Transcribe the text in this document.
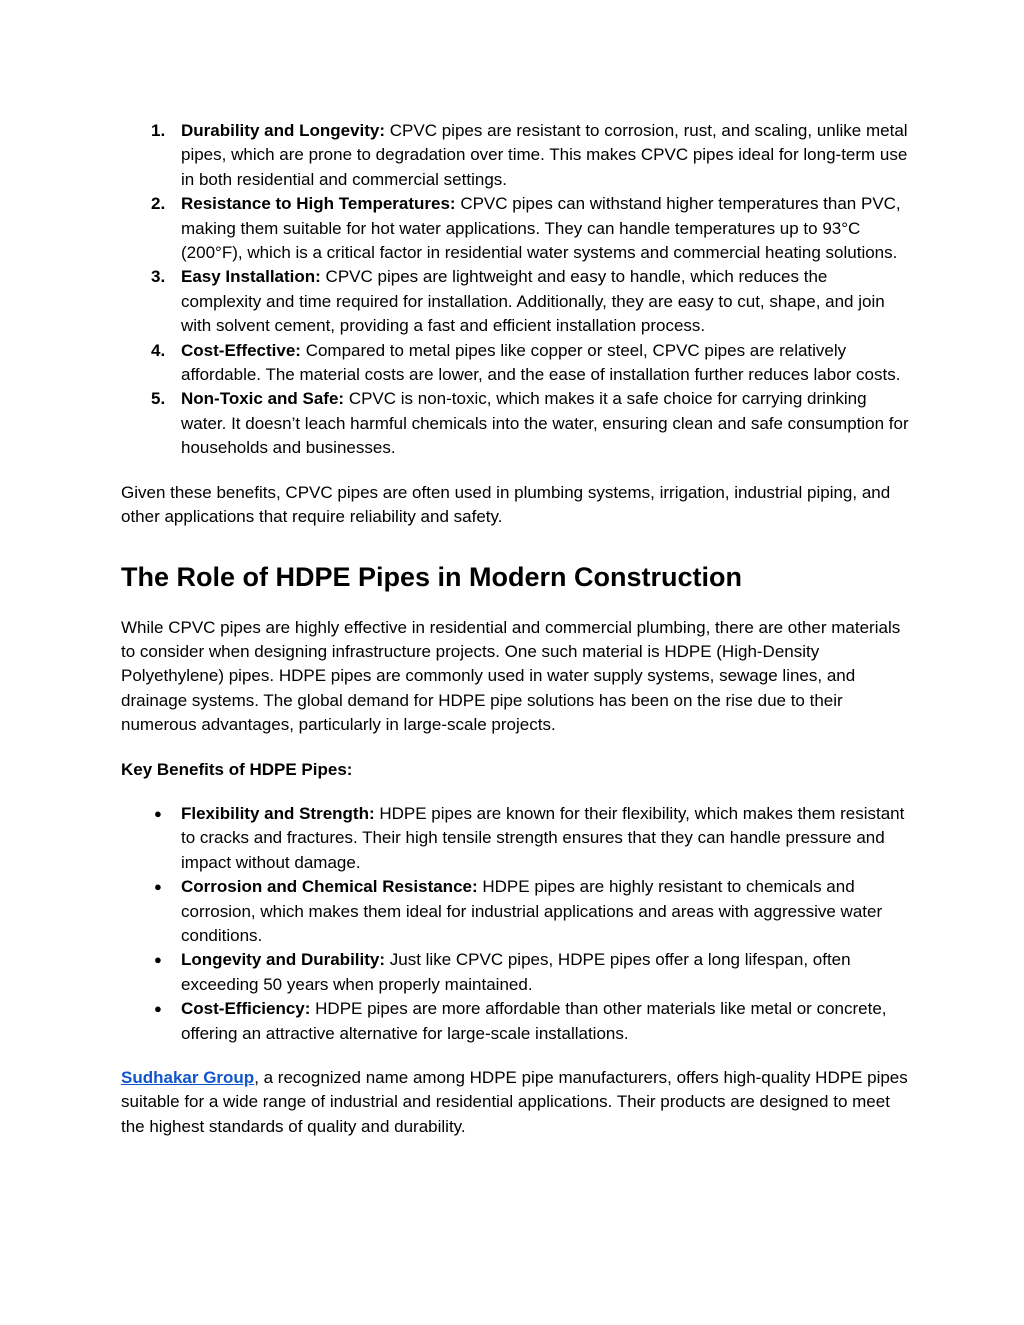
1. Durability and Longevity: CPVC pipes are resistant to corrosion, rust, and scaling, unlike metal pipes, which are prone to degradation over time. This makes CPVC pipes ideal for long-term use in both residential and commercial settings.
2. Resistance to High Temperatures: CPVC pipes can withstand higher temperatures than PVC, making them suitable for hot water applications. They can handle temperatures up to 93°C (200°F), which is a critical factor in residential water systems and commercial heating solutions.
3. Easy Installation: CPVC pipes are lightweight and easy to handle, which reduces the complexity and time required for installation. Additionally, they are easy to cut, shape, and join with solvent cement, providing a fast and efficient installation process.
4. Cost-Effective: Compared to metal pipes like copper or steel, CPVC pipes are relatively affordable. The material costs are lower, and the ease of installation further reduces labor costs.
5. Non-Toxic and Safe: CPVC is non-toxic, which makes it a safe choice for carrying drinking water. It doesn’t leach harmful chemicals into the water, ensuring clean and safe consumption for households and businesses.

Given these benefits, CPVC pipes are often used in plumbing systems, irrigation, industrial piping, and other applications that require reliability and safety.

The Role of HDPE Pipes in Modern Construction

While CPVC pipes are highly effective in residential and commercial plumbing, there are other materials to consider when designing infrastructure projects. One such material is HDPE (High-Density Polyethylene) pipes. HDPE pipes are commonly used in water supply systems, sewage lines, and drainage systems. The global demand for HDPE pipe solutions has been on the rise due to their numerous advantages, particularly in large-scale projects.

Key Benefits of HDPE Pipes:

● Flexibility and Strength: HDPE pipes are known for their flexibility, which makes them resistant to cracks and fractures. Their high tensile strength ensures that they can handle pressure and impact without damage.
● Corrosion and Chemical Resistance: HDPE pipes are highly resistant to chemicals and corrosion, which makes them ideal for industrial applications and areas with aggressive water conditions.
● Longevity and Durability: Just like CPVC pipes, HDPE pipes offer a long lifespan, often exceeding 50 years when properly maintained.
● Cost-Efficiency: HDPE pipes are more affordable than other materials like metal or concrete, offering an attractive alternative for large-scale installations.

Sudhakar Group, a recognized name among HDPE pipe manufacturers, offers high-quality HDPE pipes suitable for a wide range of industrial and residential applications. Their products are designed to meet the highest standards of quality and durability.
